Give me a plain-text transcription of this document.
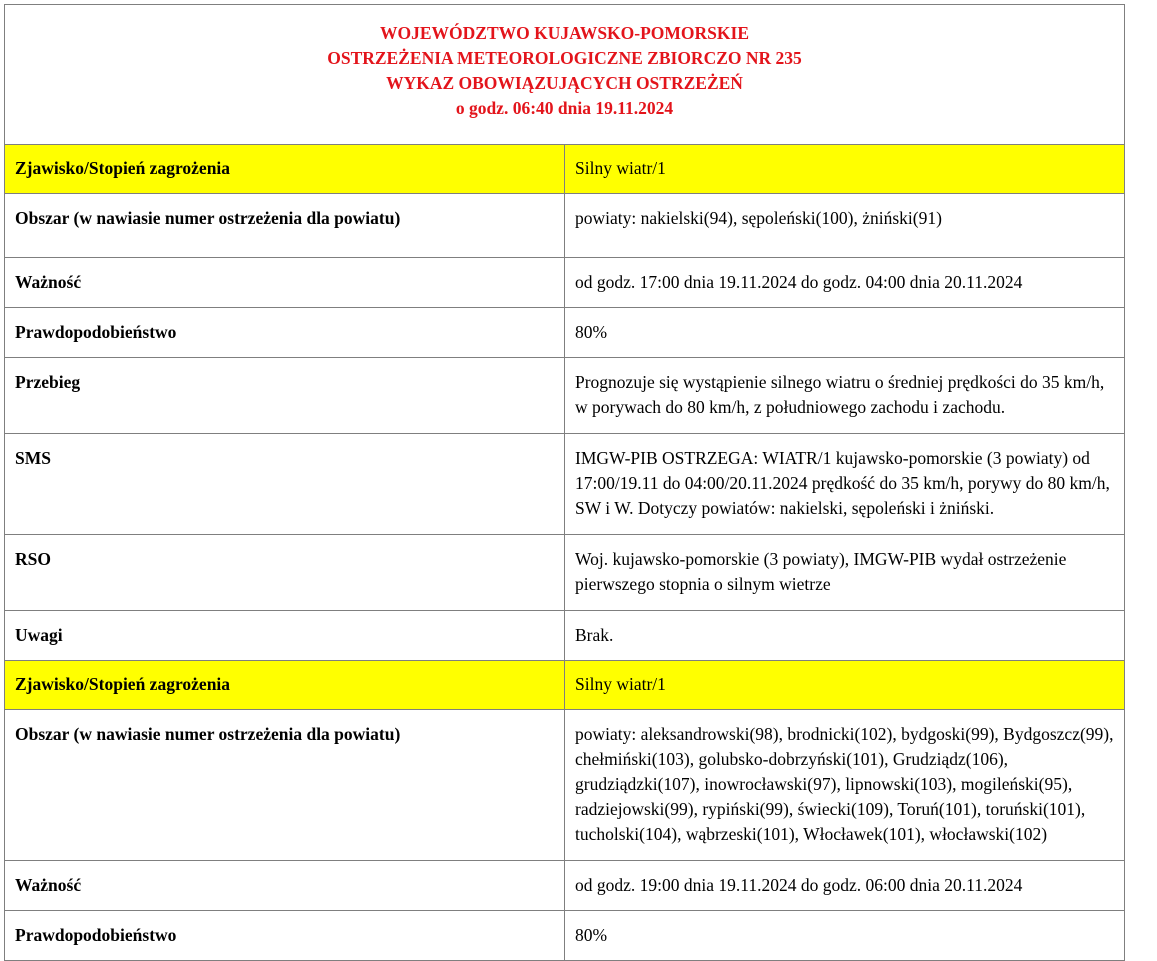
WOJEWÓDZTWO KUJAWSKO-POMORSKIE
OSTRZEŻENIA METEOROLOGICZNE ZBIORCZO NR 235
WYKAZ OBOWIĄZUJĄCYCH OSTRZEŻEŃ
o godz. 06:40 dnia 19.11.2024	

Zjawisko/Stopień zagrożenia	Silny wiatr/1
Obszar (w nawiasie numer ostrzeżenia dla powiatu)	powiaty: nakielski(94), sępoleński(100), żniński(91)
Ważność	od godz. 17:00 dnia 19.11.2024 do godz. 04:00 dnia 20.11.2024
Prawdopodobieństwo	80%
Przebieg	Prognozuje się wystąpienie silnego wiatru o średniej prędkości do 35 km/h, w porywach do 80 km/h, z południowego zachodu i zachodu.
SMS	IMGW-PIB OSTRZEGA: WIATR/1 kujawsko-pomorskie (3 powiaty) od 17:00/19.11 do 04:00/20.11.2024 prędkość do 35 km/h, porywy do 80 km/h, SW i W. Dotyczy powiatów: nakielski, sępoleński i żniński.
RSO	Woj. kujawsko-pomorskie (3 powiaty), IMGW-PIB wydał ostrzeżenie pierwszego stopnia o silnym wietrze
Uwagi	Brak.
Zjawisko/Stopień zagrożenia	Silny wiatr/1
Obszar (w nawiasie numer ostrzeżenia dla powiatu)	powiaty: aleksandrowski(98), brodnicki(102), bydgoski(99), Bydgoszcz(99), chełmiński(103), golubsko-dobrzyński(101), Grudziądz(106), grudziądzki(107), inowrocławski(97), lipnowski(103), mogileński(95), radziejowski(99), rypiński(99), świecki(109), Toruń(101), toruński(101), tucholski(104), wąbrzeski(101), Włocławek(101), włocławski(102)
Ważność	od godz. 19:00 dnia 19.11.2024 do godz. 06:00 dnia 20.11.2024
Prawdopodobieństwo	80%
